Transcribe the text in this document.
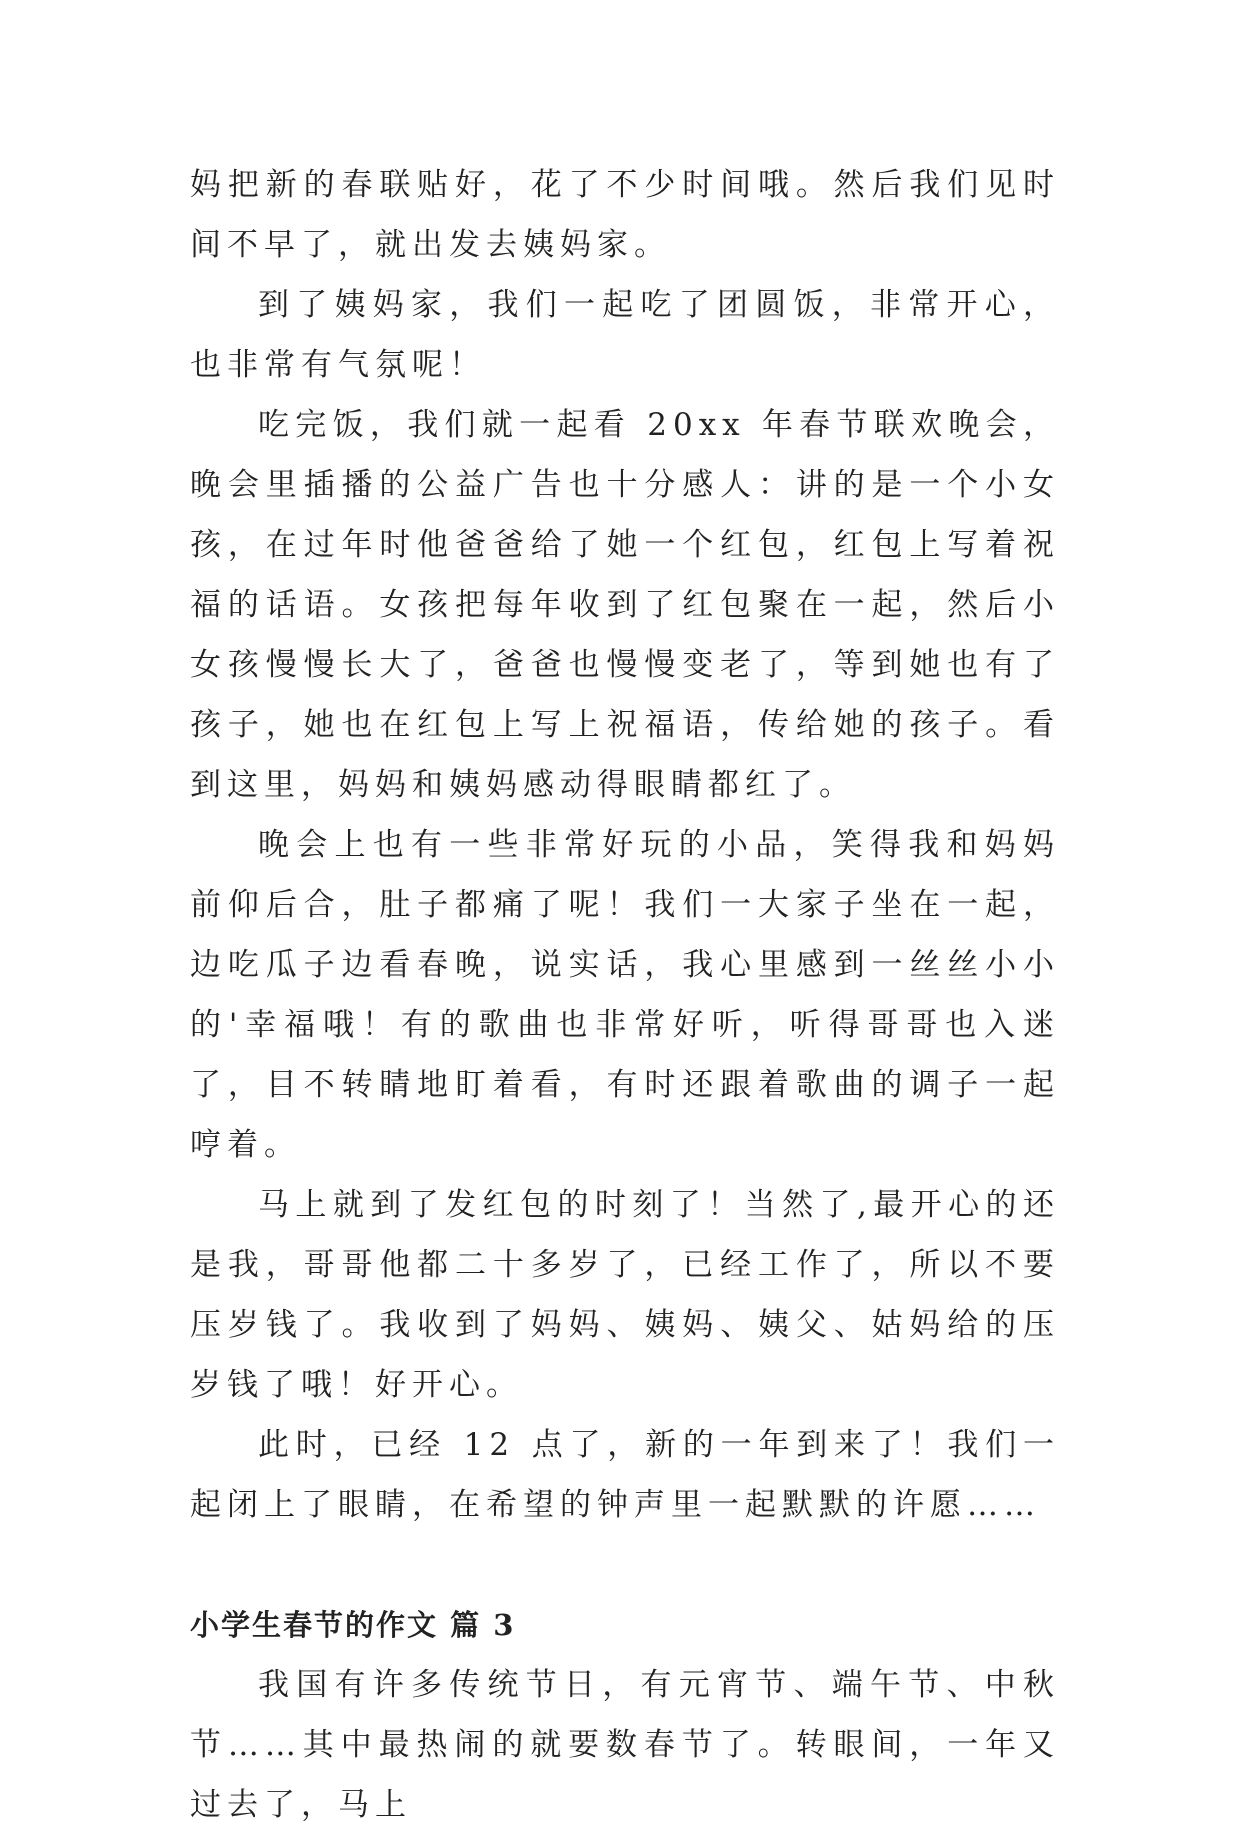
妈把新的春联贴好，花了不少时间哦。然后我们见时间不早了，就出发去姨妈家。

到了姨妈家，我们一起吃了团圆饭，非常开心，也非常有气氛呢！

吃完饭，我们就一起看 20xx 年春节联欢晚会，晚会里插播的公益广告也十分感人：讲的是一个小女孩，在过年时他爸爸给了她一个红包，红包上写着祝福的话语。女孩把每年收到了红包聚在一起，然后小女孩慢慢长大了，爸爸也慢慢变老了，等到她也有了孩子，她也在红包上写上祝福语，传给她的孩子。看到这里，妈妈和姨妈感动得眼睛都红了。

晚会上也有一些非常好玩的小品，笑得我和妈妈前仰后合，肚子都痛了呢！我们一大家子坐在一起，边吃瓜子边看春晚，说实话，我心里感到一丝丝小小的'幸福哦！有的歌曲也非常好听，听得哥哥也入迷了，目不转睛地盯着看，有时还跟着歌曲的调子一起哼着。

马上就到了发红包的时刻了！当然了,最开心的还是我，哥哥他都二十多岁了，已经工作了，所以不要压岁钱了。我收到了妈妈、姨妈、姨父、姑妈给的压岁钱了哦！好开心。

此时，已经 12 点了，新的一年到来了！我们一起闭上了眼睛，在希望的钟声里一起默默的许愿……

小学生春节的作文 篇 3

我国有许多传统节日，有元宵节、端午节、中秋节……其中最热闹的就要数春节了。转眼间，一年又过去了，马上
